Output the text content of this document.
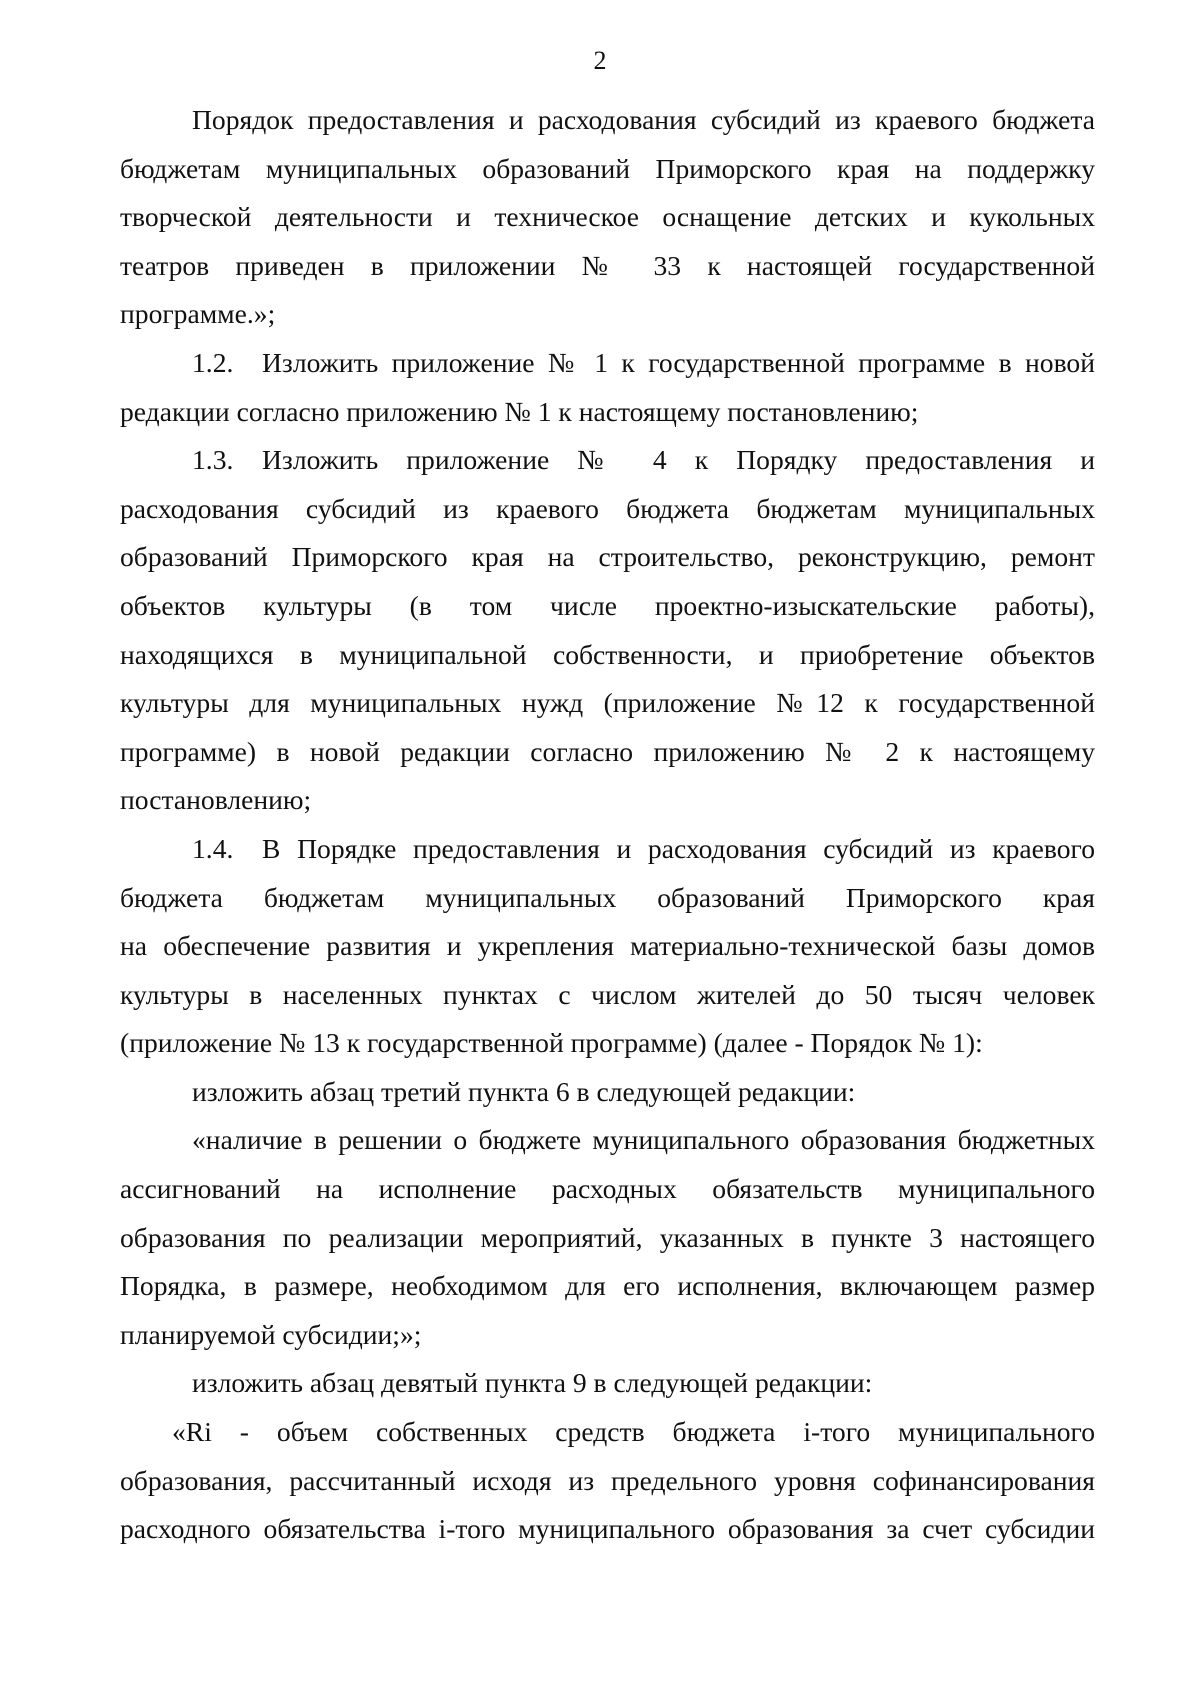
2
Порядок предоставления и расходования субсидий из краевого бюджета
бюджетам муниципальных образований Приморского края на поддержку
творческой деятельности и техническое оснащение детских и кукольных
театров приведен в приложении № 33 к настоящей государственной
программе.»;
1.2. Изложить приложение № 1 к государственной программе в новой
редакции согласно приложению № 1 к настоящему постановлению;
1.3. Изложить приложение № 4 к Порядку предоставления и
расходования субсидий из краевого бюджета бюджетам муниципальных
образований Приморского края на строительство, реконструкцию, ремонт
объектов культуры (в том числе проектно-изыскательские работы),
находящихся в муниципальной собственности, и приобретение объектов
культуры для муниципальных нужд (приложение №12 к государственной
программе) в новой редакции согласно приложению № 2 к настоящему
постановлению;
1.4. В Порядке предоставления и расходования субсидий из краевого
бюджета бюджетам муниципальных образований Приморского края
на обеспечение развития и укрепления материально-технической базы домов
культуры в населенных пунктах с числом жителей до 50 тысяч человек
(приложение № 13 к государственной программе) (далее - Порядок № 1):
изложить абзац третий пункта 6 в следующей редакции:
«наличие в решении о бюджете муниципального образования бюджетных
ассигнований на исполнение расходных обязательств муниципального
образования по реализации мероприятий, указанных в пункте 3 настоящего
Порядка, в размере, необходимом для его исполнения, включающем размер
планируемой субсидии;»;
изложить абзац девятый пункта 9 в следующей редакции:
«Ri - объем собственных средств бюджета i-того муниципального
образования, рассчитанный исходя из предельного уровня софинансирования
расходного обязательства i-того муниципального образования за счет субсидии
